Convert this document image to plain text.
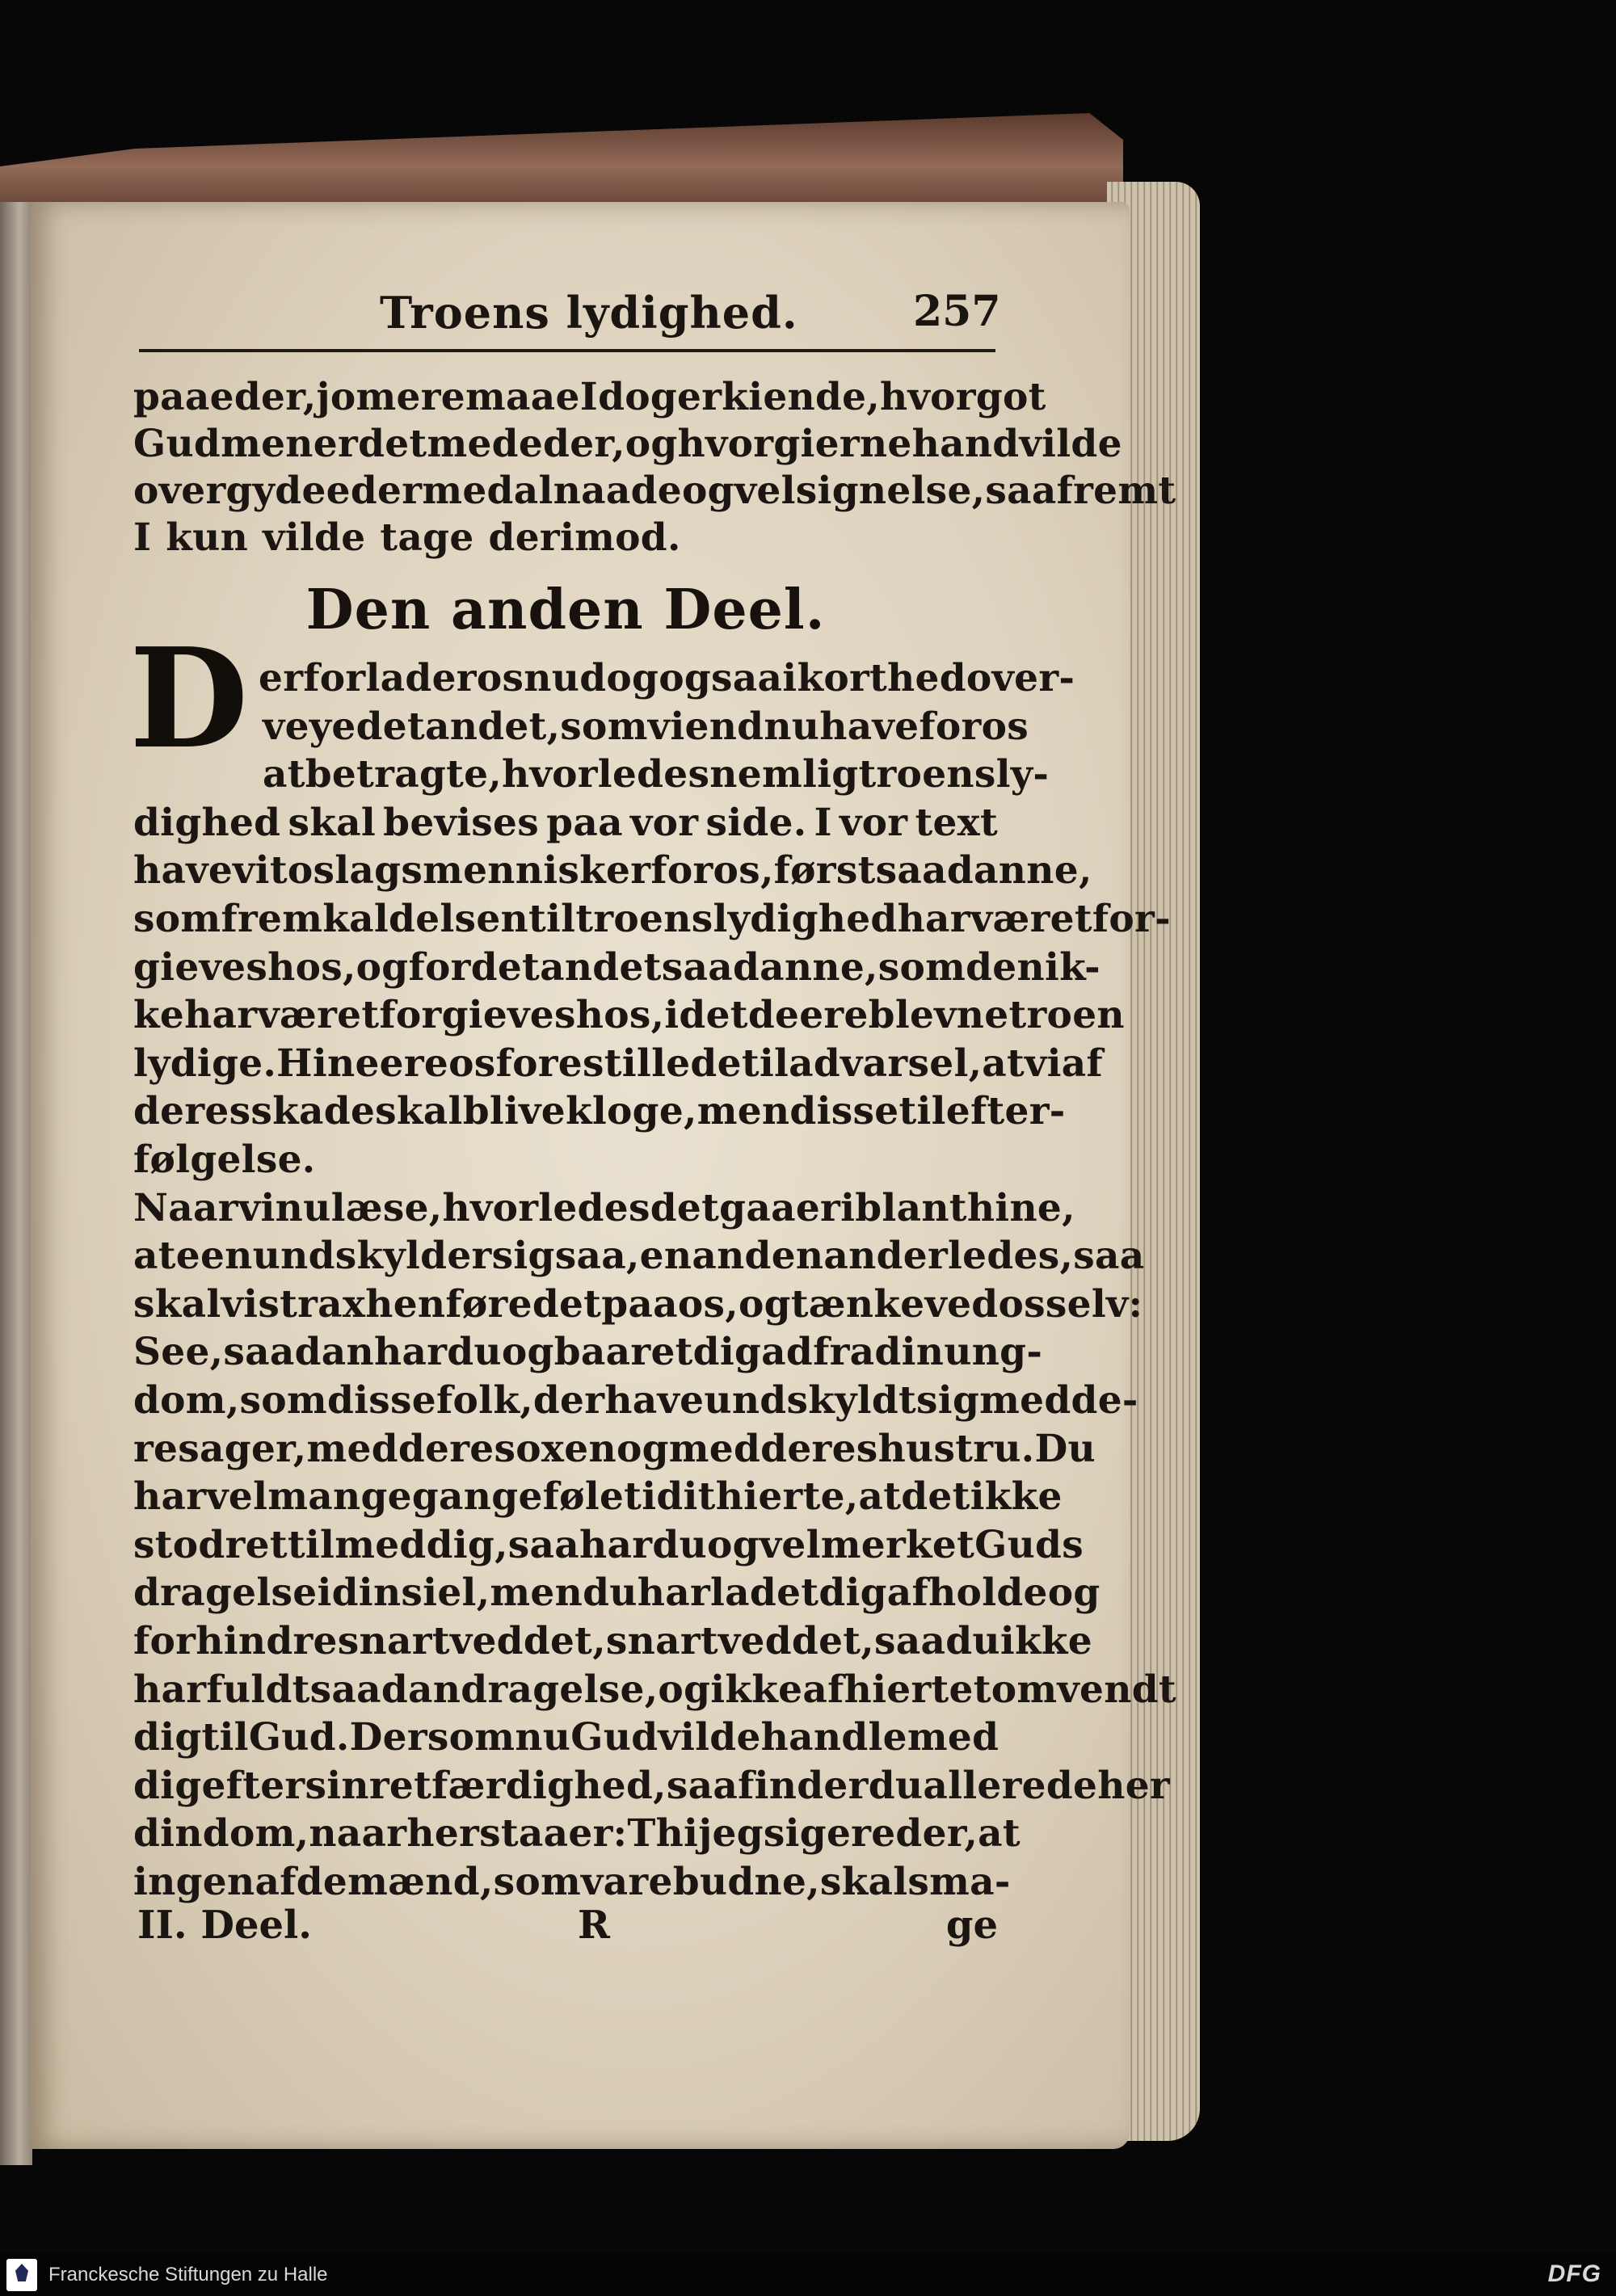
Troens lydighed.	257
paa eder, jo mere maae I dog erkiende, hvor got
Gud mener det med eder, og hvor gierne hand vilde
overgyde eder med al naade og velsignelse, saa fremt
I kun vilde tage derimod.
Den anden Deel.
D erfor lader os nu dog ogsaa i korthed over-
veye det andet, som vi endnu have for os
at betragte, hvorledes nemlig troens ly-
dighed skal bevises paa vor side. I vor text
have vi to slags mennisker for os, først saadanne,
som fremkaldelsen til troens lydighed har været for-
gieves hos, og for det andet saadanne, som den ik-
ke har været forgieves hos, i det de ere blevne troen
lydige. Hine ere os forestillede til advarsel, at vi af
deres skade skal blive kloge, men disse til efter-
følgelse.
Naar vi nu læse, hvorledes det gaaer iblant hine,
at een undskylder sig saa, en anden anderledes, saa
skal vi strax henføre det paa os, og tænke ved os selv:
See, saadan har du og baaret dig ad fra din ung-
dom, som disse folk, der have undskyldt sig med de-
res ager, med deres oxen og med deres hustru. Du
har vel mange gange følet i dit hierte, at det ikke
stod ret til med dig, saa har du og vel merket Guds
dragelse i din siel, men du har ladet dig afholde og
forhindre snart ved det, snart ved det, saa du ikke
har fuldt saadan dragelse, og ikke af hiertet omvendt
dig til Gud. Dersom nu Gud vilde handle med
dig efter sin retfærdighed, saa finder du allerede her
din dom, naar her staaer: Thi jeg siger eder, at
ingen af de mænd, som vare budne, skal sma-
II. Deel.	R	ge
Franckesche Stiftungen zu Halle	DFG
